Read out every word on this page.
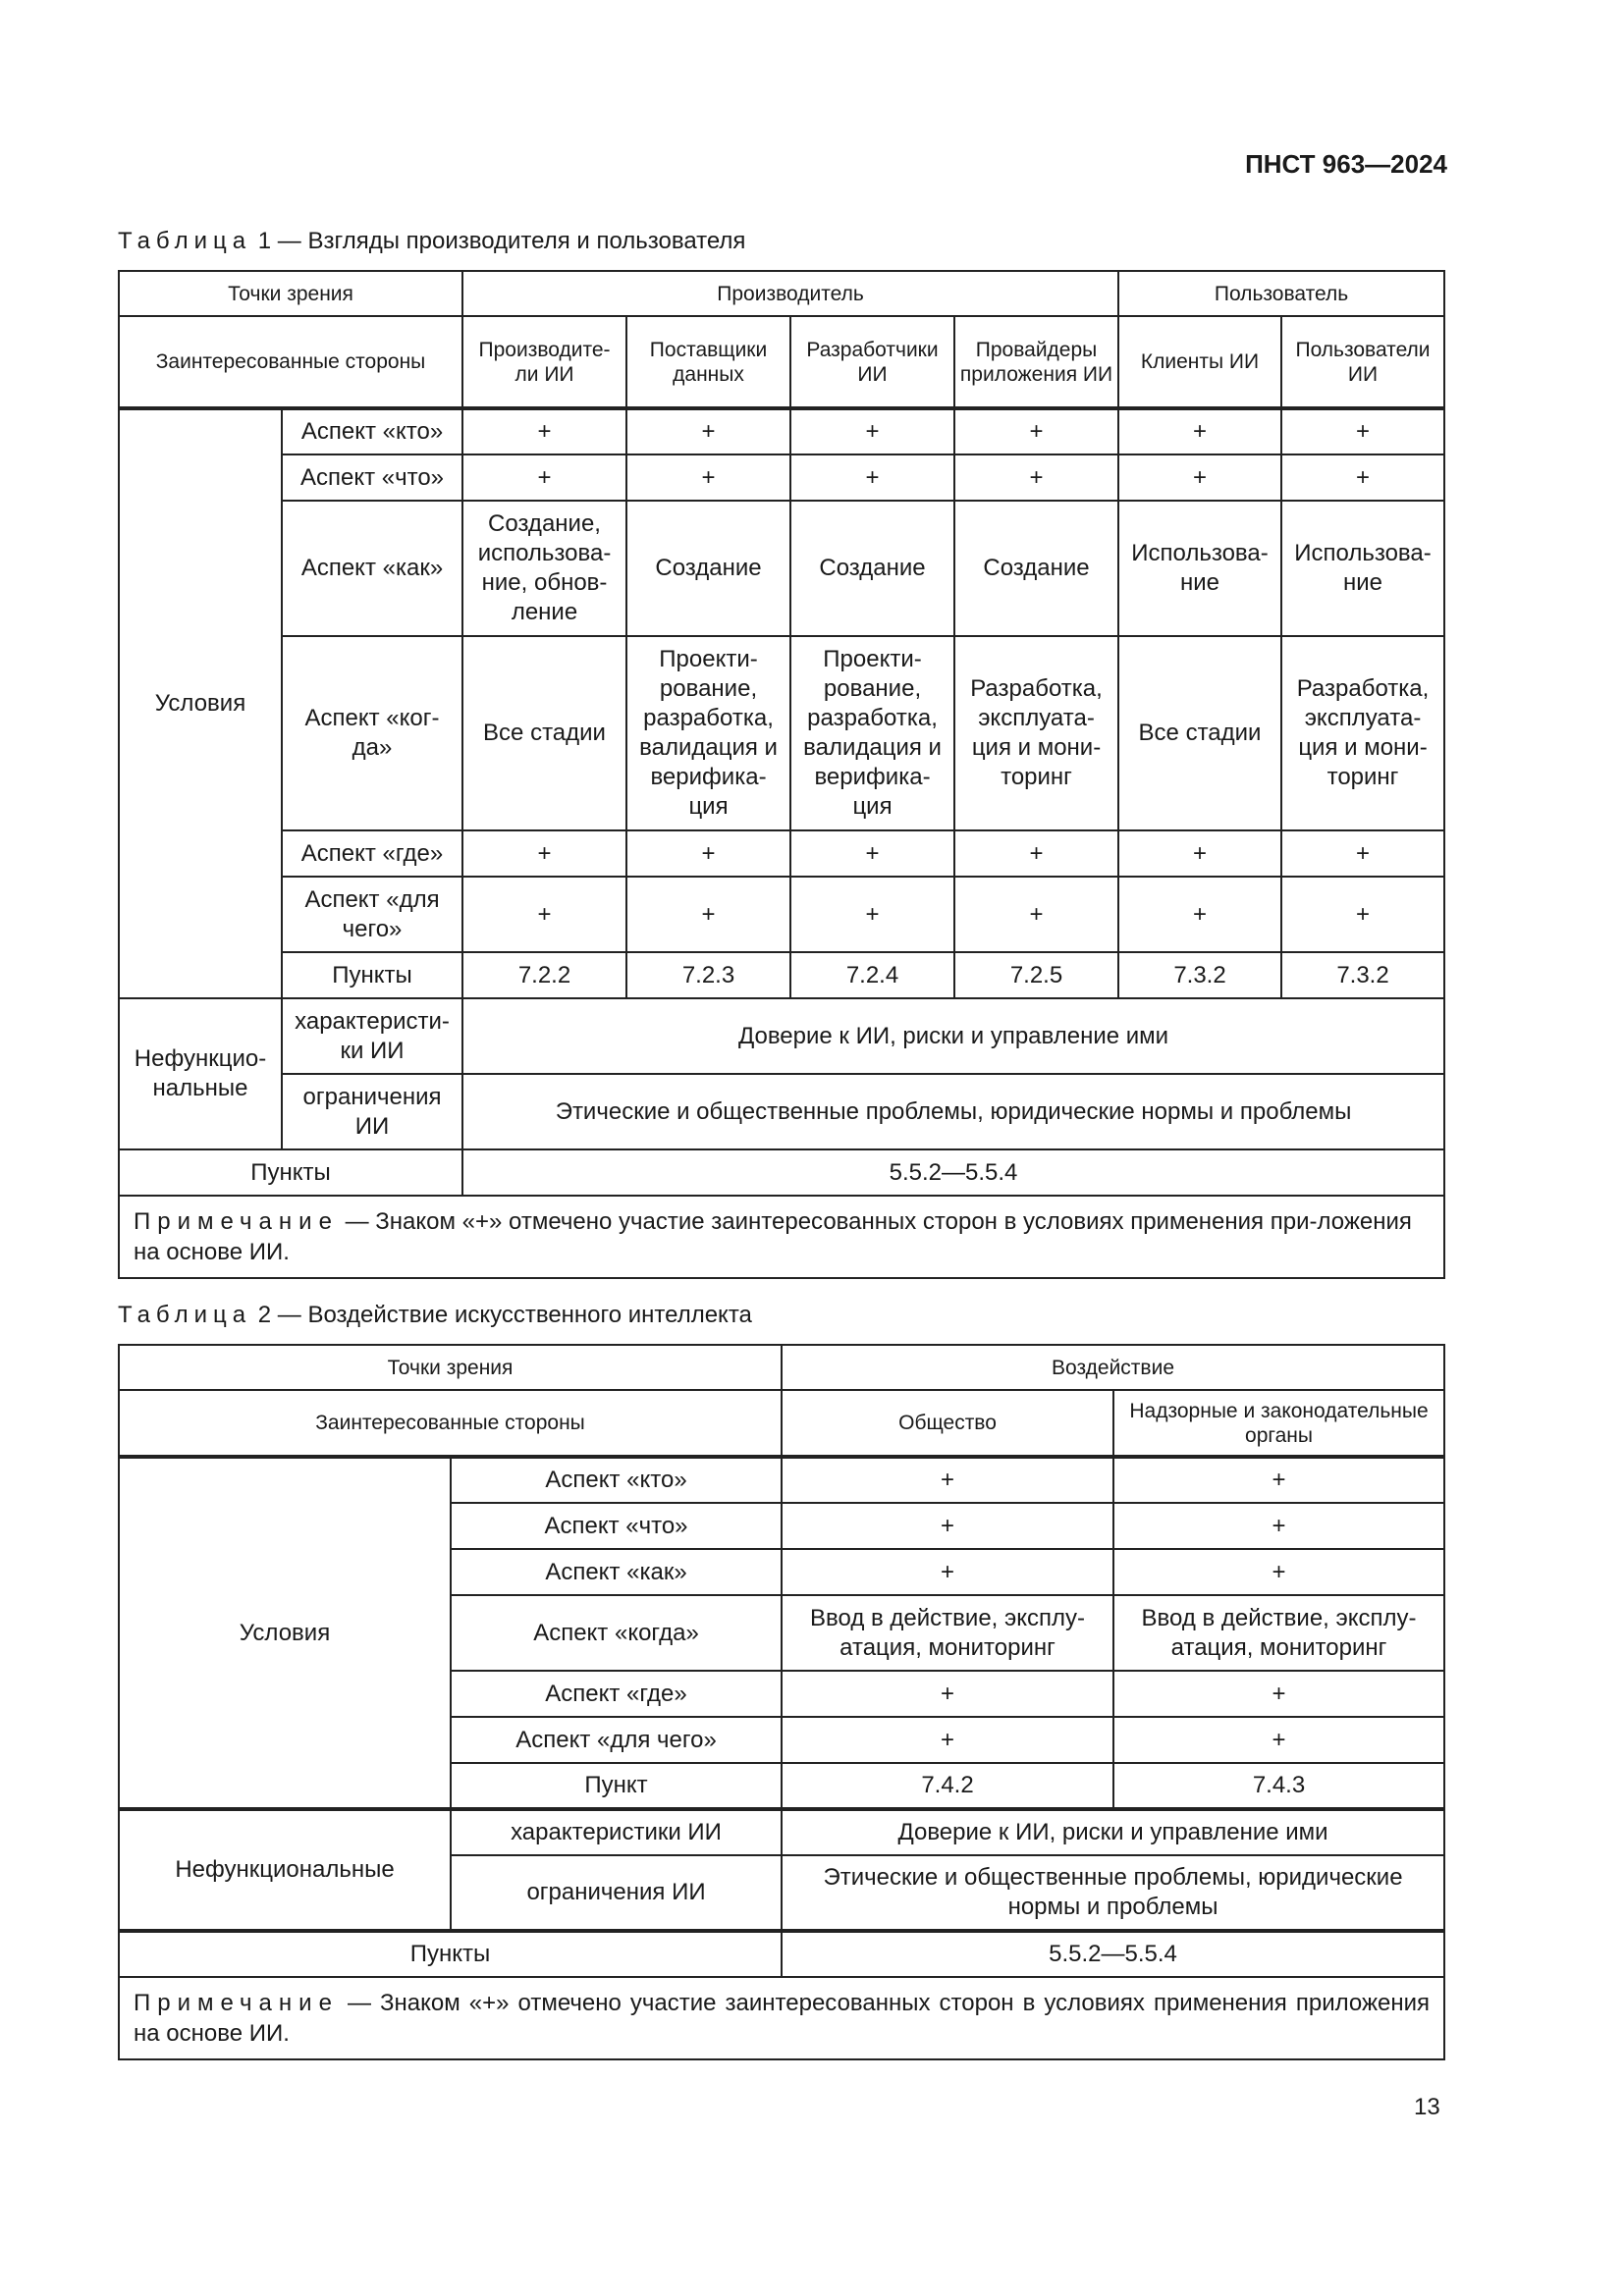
ПНСТ 963—2024
Таблица 1 — Взгляды производителя и пользователя
Точки зрения		Производитель				Пользователь	
Заинтересованные стороны		Производите-ли ИИ	Поставщики данных	Разработчики ИИ	Провайдеры приложения ИИ	Клиенты ИИ	Пользователи ИИ
Условия	Аспект «кто»	+	+	+	+	+	+
	Аспект «что»	+	+	+	+	+	+
	Аспект «как»	Создание, использова-ние, обнов-ление	Создание	Создание	Создание	Использова-ние	Использова-ние
	Аспект «ког-да»	Все стадии	Проекти-рование, разработка, валидация и верифика-ция	Проекти-рование, разработка, валидация и верифика-ция	Разработка, эксплуата-ция и мони-торинг	Все стадии	Разработка, эксплуата-ция и мони-торинг
	Аспект «где»	+	+	+	+	+	+
	Аспект «для чего»	+	+	+	+	+	+
	Пункты	7.2.2	7.2.3	7.2.4	7.2.5	7.3.2	7.3.2
Нефункцио-нальные	характеристи-ки ИИ	Доверие к ИИ, риски и управление ими					
	ограничения ИИ	Этические и общественные проблемы, юридические нормы и проблемы					
Пункты		5.5.2—5.5.4					
Примечание — Знаком «+» отмечено участие заинтересованных сторон в условиях применения при-ложения на основе ИИ.							
Таблица 2 — Воздействие искусственного интеллекта
Точки зрения		Воздействие	
Заинтересованные стороны		Общество	Надзорные и законодательные органы
Условия	Аспект «кто»	+	+
	Аспект «что»	+	+
	Аспект «как»	+	+
	Аспект «когда»	Ввод в действие, эксплу-атация, мониторинг	Ввод в действие, эксплу-атация, мониторинг
	Аспект «где»	+	+
	Аспект «для чего»	+	+
	Пункт	7.4.2	7.4.3
Нефункциональные	характеристики ИИ	Доверие к ИИ, риски и управление ими	
	ограничения ИИ	Этические и общественные проблемы, юридические нормы и проблемы	
Пункты		5.5.2—5.5.4	
Примечание — Знаком «+» отмечено участие заинтересованных сторон в условиях применения приложения на основе ИИ.			
13
